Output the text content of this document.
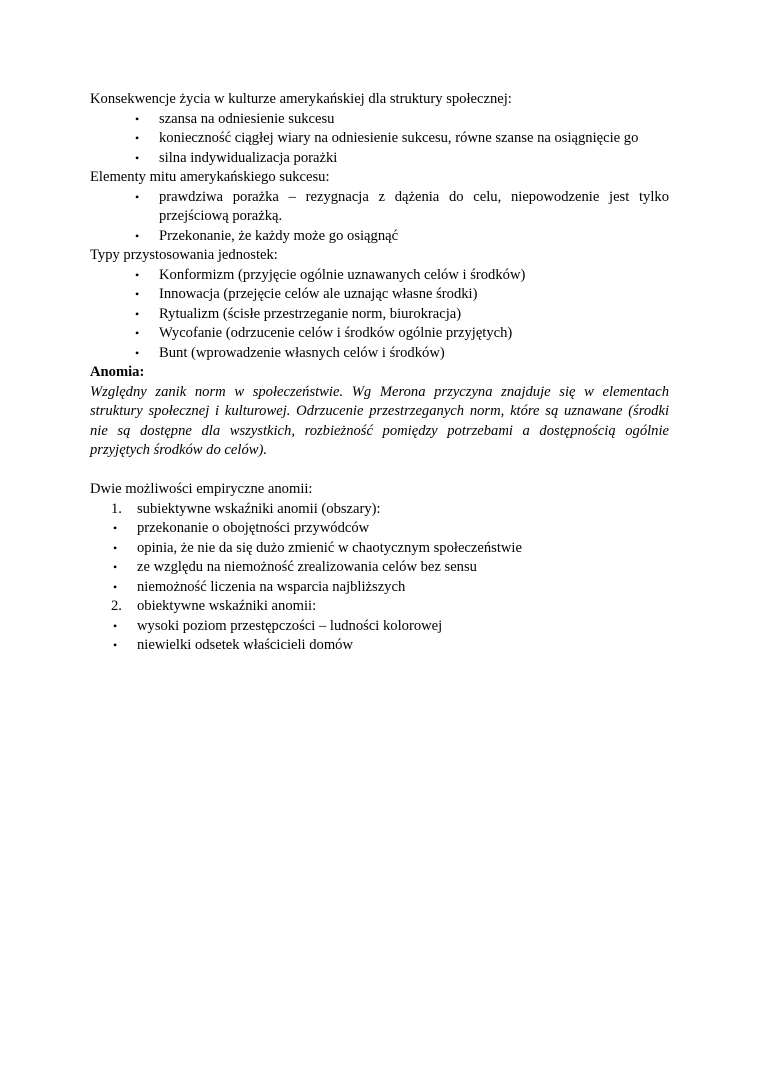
Konsekwencje życia w kulturze amerykańskiej dla struktury społecznej:

• szansa na odniesienie sukcesu
• konieczność ciągłej wiary na odniesienie sukcesu, równe szanse na osiągnięcie go
• silna indywidualizacja porażki

Elementy mitu amerykańskiego sukcesu:

• prawdziwa porażka – rezygnacja z dążenia do celu, niepowodzenie jest tylko przejściową porażką.
• Przekonanie, że każdy może go osiągnąć

Typy przystosowania jednostek:

• Konformizm (przyjęcie ogólnie uznawanych celów i środków)
• Innowacja (przejęcie celów ale uznając własne środki)
• Rytualizm (ścisłe przestrzeganie norm, biurokracja)
• Wycofanie (odrzucenie celów i środków ogólnie przyjętych)
• Bunt (wprowadzenie własnych celów i środków)

Anomia:

Względny zanik norm w społeczeństwie. Wg Merona przyczyna znajduje się w elementach struktury społecznej i kulturowej. Odrzucenie przestrzeganych norm, które są uznawane (środki nie są dostępne dla wszystkich, rozbieżność pomiędzy potrzebami a dostępnością ogólnie przyjętych środków do celów).

Dwie możliwości empiryczne anomii:

1. subiektywne wskaźniki anomii (obszary):
• przekonanie o obojętności przywódców
• opinia, że nie da się dużo zmienić w chaotycznym społeczeństwie
• ze względu na niemożność zrealizowania celów bez sensu
• niemożność liczenia na wsparcia najbliższych
2. obiektywne wskaźniki anomii:
• wysoki poziom przestępczości – ludności kolorowej
• niewielki odsetek właścicieli domów
